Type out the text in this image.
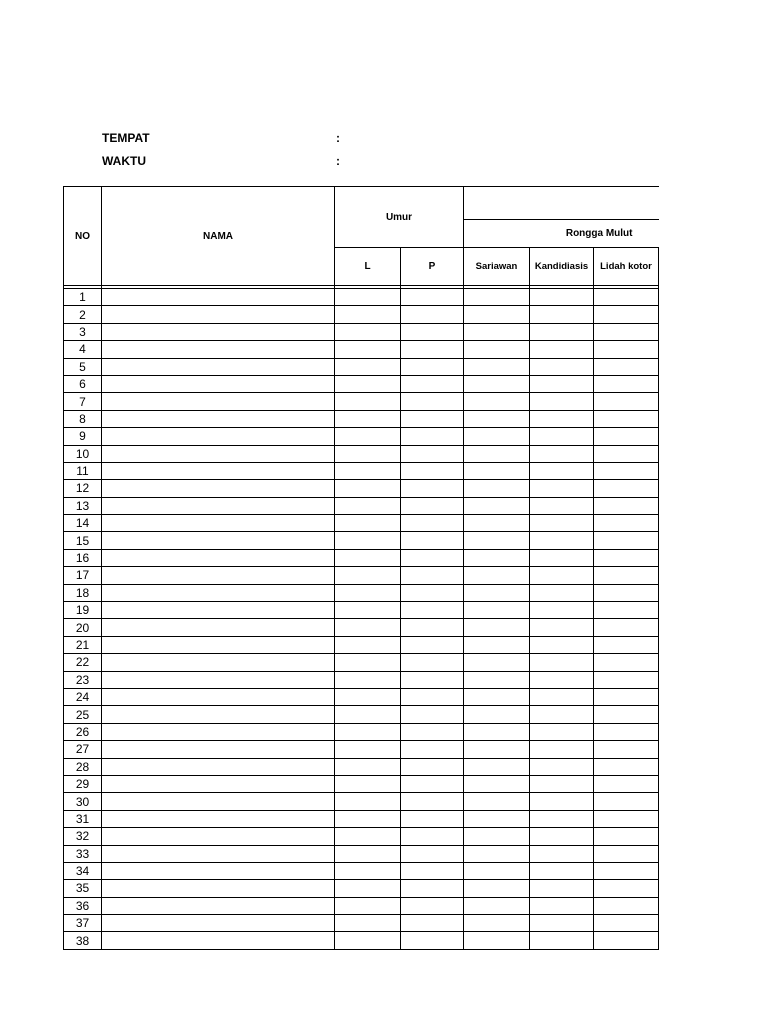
TEMPAT	:
WAKTU	:
NO	NAMA	Umur				
				Rongga Mulut		
		L	P	Sariawan	Kandidiasis	Lidah kotor

1						
2						
3						
4						
5						
6						
7						
8						
9						
10						
11						
12						
13						
14						
15						
16						
17						
18						
19						
20						
21						
22						
23						
24						
25						
26						
27						
28						
29						
30						
31						
32						
33						
34						
35						
36						
37						
38						
